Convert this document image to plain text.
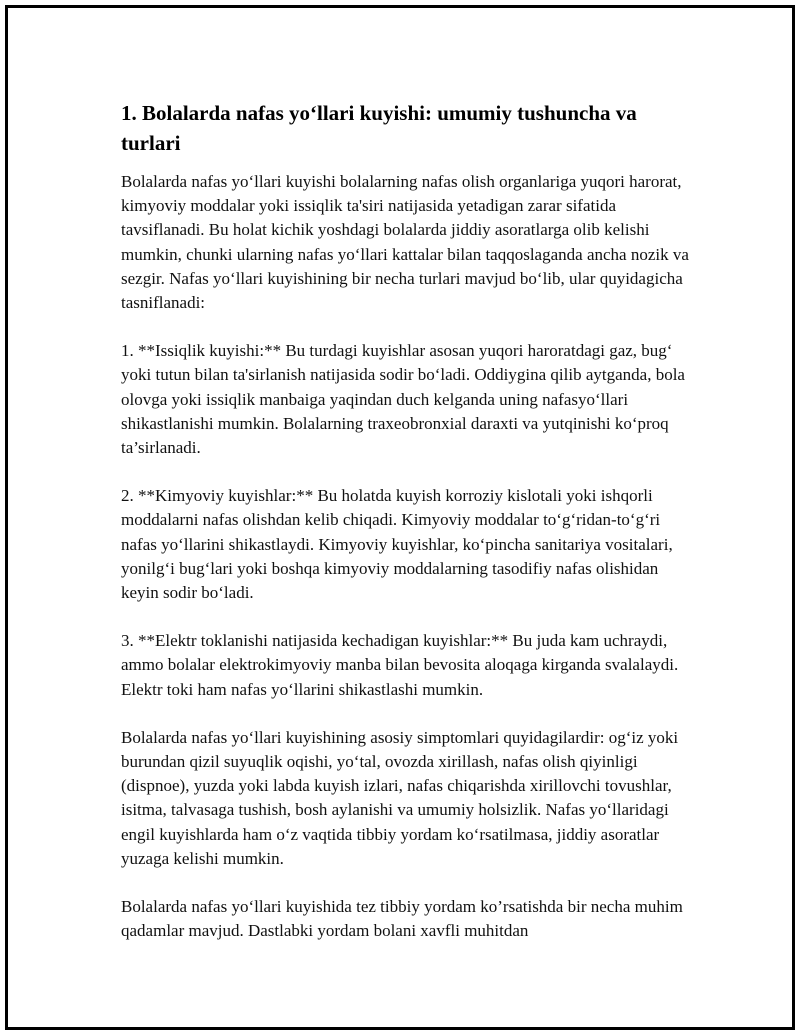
1. Bolalarda nafas yo‘llari kuyishi: umumiy tushuncha va turlari

Bolalarda nafas yo‘llari kuyishi bolalarning nafas olish organlariga yuqori harorat, kimyoviy moddalar yoki issiqlik ta'siri natijasida yetadigan zarar sifatida tavsiflanadi. Bu holat kichik yoshdagi bolalarda jiddiy asoratlarga olib kelishi mumkin, chunki ularning nafas yo‘llari kattalar bilan taqqoslaganda ancha nozik va sezgir. Nafas yo‘llari kuyishining bir necha turlari mavjud bo‘lib, ular quyidagicha tasniflanadi:

1. **Issiqlik kuyishi:** Bu turdagi kuyishlar asosan yuqori haroratdagi gaz, bug‘ yoki tutun bilan ta'sirlanish natijasida sodir bo‘ladi. Oddiygina qilib aytganda, bola olovga yoki issiqlik manbaiga yaqindan duch kelganda uning nafasyo‘llari shikastlanishi mumkin. Bolalarning traxeobronxial daraxti va yutqinishi ko‘proq ta’sirlanadi.

2. **Kimyoviy kuyishlar:** Bu holatda kuyish korroziy kislotali yoki ishqorli moddalarni nafas olishdan kelib chiqadi. Kimyoviy moddalar to‘g‘ridan-to‘g‘ri nafas yo‘llarini shikastlaydi. Kimyoviy kuyishlar, ko‘pincha sanitariya vositalari, yonilg‘i bug‘lari yoki boshqa kimyoviy moddalarning tasodifiy nafas olishidan keyin sodir bo‘ladi.

3. **Elektr toklanishi natijasida kechadigan kuyishlar:** Bu juda kam uchraydi, ammo bolalar elektrokimyoviy manba bilan bevosita aloqaga kirganda svalalaydi. Elektr toki ham nafas yo‘llarini shikastlashi mumkin.

Bolalarda nafas yo‘llari kuyishining asosiy simptomlari quyidagilardir: og‘iz yoki burundan qizil suyuqlik oqishi, yo‘tal, ovozda xirillash, nafas olish qiyinligi (dispnoe), yuzda yoki labda kuyish izlari, nafas chiqarishda xirillovchi tovushlar, isitma, talvasaga tushish, bosh aylanishi va umumiy holsizlik. Nafas yo‘llaridagi engil kuyishlarda ham o‘z vaqtida tibbiy yordam ko‘rsatilmasa, jiddiy asoratlar yuzaga kelishi mumkin.

Bolalarda nafas yo‘llari kuyishida tez tibbiy yordam ko’rsatishda bir necha muhim qadamlar mavjud. Dastlabki yordam bolani xavfli muhitdan
